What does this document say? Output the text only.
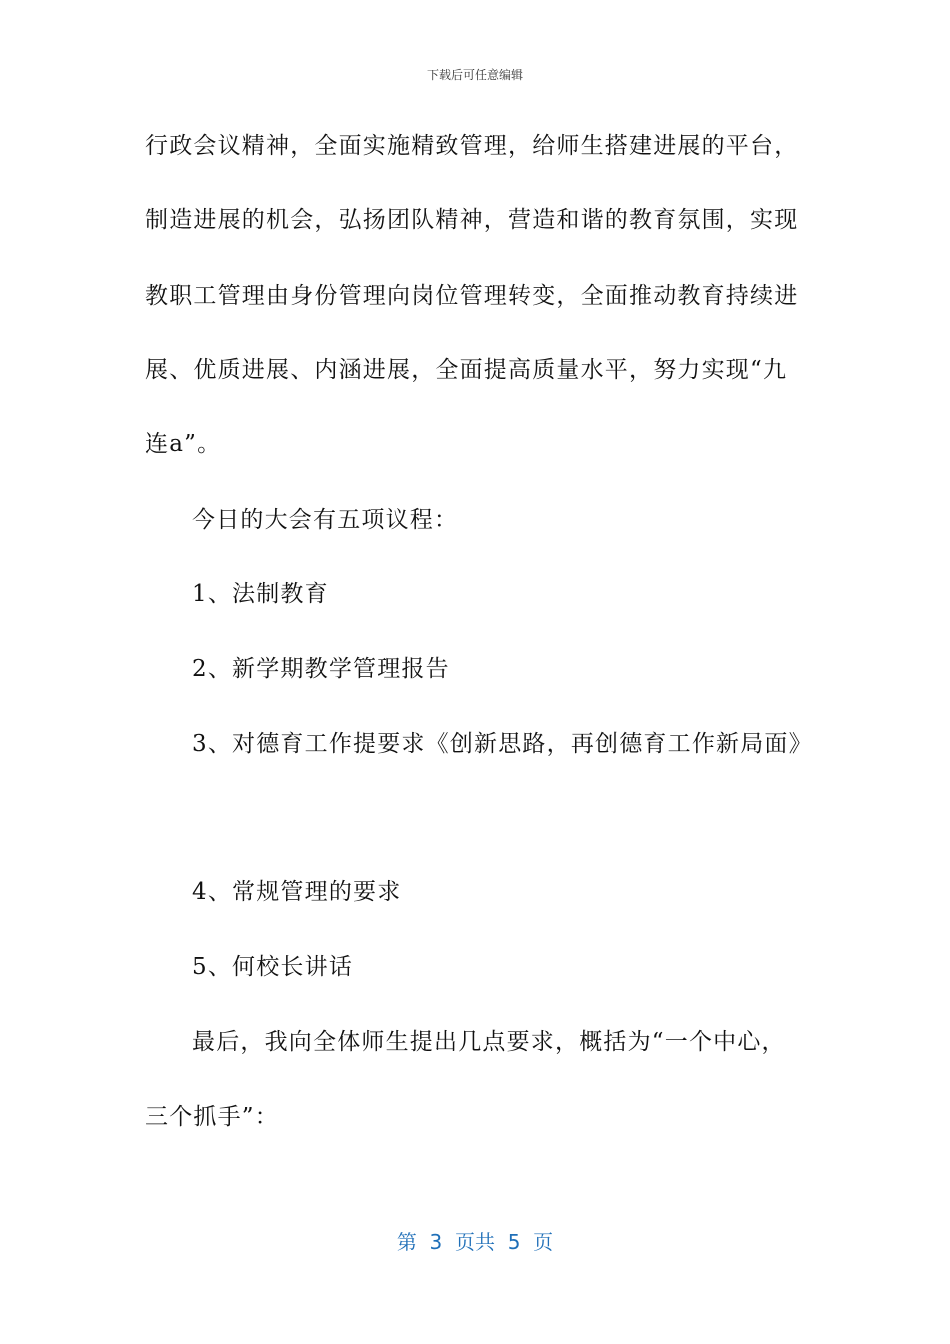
下载后可任意编辑
行政会议精神，全面实施精致管理，给师生搭建进展的平台，
制造进展的机会，弘扬团队精神，营造和谐的教育氛围，实现
教职工管理由身份管理向岗位管理转变，全面推动教育持续进
展、优质进展、内涵进展，全面提高质量水平，努力实现“九
连a”。
今日的大会有五项议程：
1、法制教育
2、新学期教学管理报告
3、对德育工作提要求《创新思路，再创德育工作新局面》
4、常规管理的要求
5、何校长讲话
最后，我向全体师生提出几点要求，概括为“一个中心，
三个抓手”：
第  3  页共  5  页
